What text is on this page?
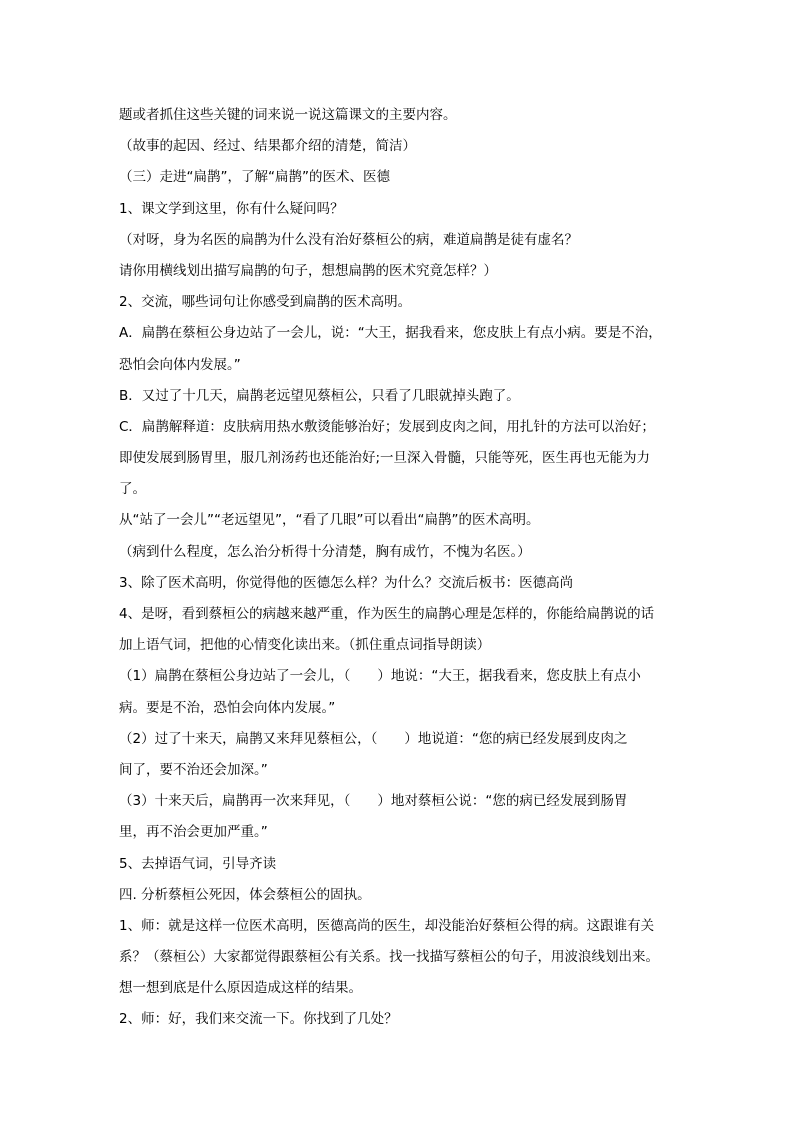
题或者抓住这些关键的词来说一说这篇课文的主要内容。
（故事的起因、经过、结果都介绍的清楚，简洁）
（三）走进“扁鹊”，了解“扁鹊”的医术、医德
1、课文学到这里，你有什么疑问吗？
（对呀，身为名医的扁鹊为什么没有治好蔡桓公的病，难道扁鹊是徒有虚名？
请你用横线划出描写扁鹊的句子，想想扁鹊的医术究竟怎样？）
2、交流，哪些词句让你感受到扁鹊的医术高明。
A．扁鹊在蔡桓公身边站了一会儿，说：“大王，据我看来，您皮肤上有点小病。要是不治，
恐怕会向体内发展。”
B．又过了十几天，扁鹊老远望见蔡桓公，只看了几眼就掉头跑了。
C．扁鹊解释道：皮肤病用热水敷烫能够治好；发展到皮肉之间，用扎针的方法可以治好；
即使发展到肠胃里，服几剂汤药也还能治好;一旦深入骨髓，只能等死，医生再也无能为力
了。
从“站了一会儿”“老远望见”，“看了几眼”可以看出“扁鹊”的医术高明。
（病到什么程度，怎么治分析得十分清楚，胸有成竹，不愧为名医。）
3、除了医术高明，你觉得他的医德怎么样？为什么？交流后板书：医德高尚
4、是呀，看到蔡桓公的病越来越严重，作为医生的扁鹊心理是怎样的，你能给扁鹊说的话
加上语气词，把他的心情变化读出来。（抓住重点词指导朗读）
（1）扁鹊在蔡桓公身边站了一会儿，（　　）地说：“大王，据我看来，您皮肤上有点小
病。要是不治，恐怕会向体内发展。”
（2）过了十来天，扁鹊又来拜见蔡桓公，（　　）地说道：“您的病已经发展到皮肉之
间了，要不治还会加深。”
（3）十来天后，扁鹊再一次来拜见，（　　）地对蔡桓公说：“您的病已经发展到肠胃
里，再不治会更加严重。”
5、去掉语气词，引导齐读
四. 分析蔡桓公死因，体会蔡桓公的固执。
1、师：就是这样一位医术高明，医德高尚的医生，却没能治好蔡桓公得的病。这跟谁有关
系？（蔡桓公）大家都觉得跟蔡桓公有关系。找一找描写蔡桓公的句子，用波浪线划出来。
想一想到底是什么原因造成这样的结果。
2、师：好，我们来交流一下。你找到了几处？
